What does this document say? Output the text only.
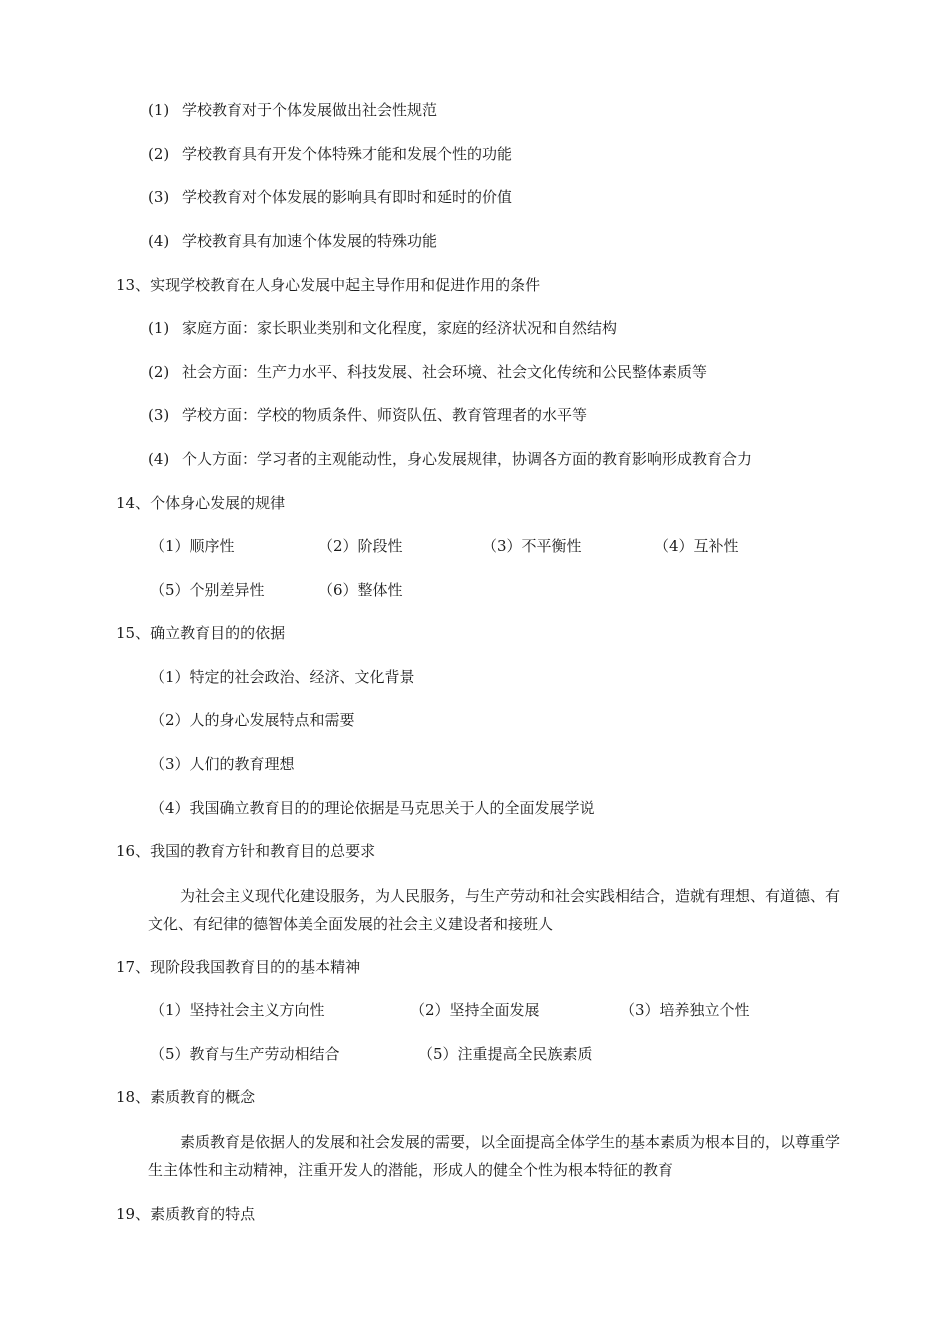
(1) 学校教育对于个体发展做出社会性规范
(2) 学校教育具有开发个体特殊才能和发展个性的功能
(3) 学校教育对个体发展的影响具有即时和延时的价值
(4) 学校教育具有加速个体发展的特殊功能
13、实现学校教育在人身心发展中起主导作用和促进作用的条件
(1) 家庭方面：家长职业类别和文化程度，家庭的经济状况和自然结构
(2) 社会方面：生产力水平、科技发展、社会环境、社会文化传统和公民整体素质等
(3) 学校方面：学校的物质条件、师资队伍、教育管理者的水平等
(4) 个人方面：学习者的主观能动性，身心发展规律，协调各方面的教育影响形成教育合力
14、个体身心发展的规律
（1）顺序性	（2）阶段性	（3）不平衡性	（4）互补性
（5）个别差异性	（6）整体性
15、确立教育目的的依据
（1）特定的社会政治、经济、文化背景
（2）人的身心发展特点和需要
（3）人们的教育理想
（4）我国确立教育目的的理论依据是马克思关于人的全面发展学说
16、我国的教育方针和教育目的总要求
为社会主义现代化建设服务，为人民服务，与生产劳动和社会实践相结合，造就有理想、有道德、有文化、有纪律的德智体美全面发展的社会主义建设者和接班人
17、现阶段我国教育目的的基本精神
（1）坚持社会主义方向性	（2）坚持全面发展	（3）培养独立个性
（5）教育与生产劳动相结合	（5）注重提高全民族素质
18、素质教育的概念
素质教育是依据人的发展和社会发展的需要，以全面提高全体学生的基本素质为根本目的，以尊重学生主体性和主动精神，注重开发人的潜能，形成人的健全个性为根本特征的教育
19、素质教育的特点
